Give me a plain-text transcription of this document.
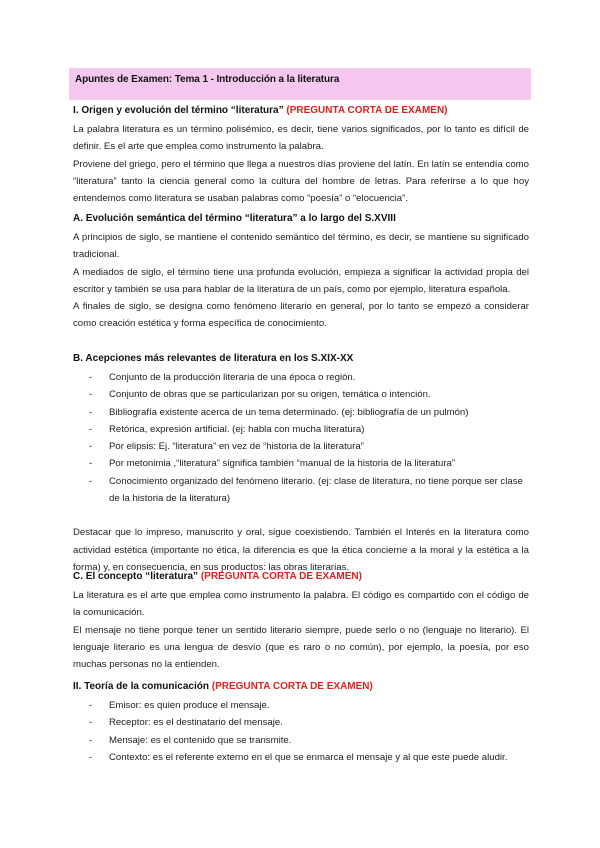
Apuntes de Examen: Tema 1 - Introducción a la literatura

I. Origen y evolución del término “literatura” (PREGUNTA CORTA DE EXAMEN)

La palabra literatura es un término polisémico, es decir, tiene varios significados, por lo tanto es difícil de definir. Es el arte que emplea como instrumento la palabra.

Proviene del griego, pero el término que llega a nuestros días proviene del latín. En latín se entendía como “literatura” tanto la ciencia general como la cultura del hombre de letras. Para referirse a lo que hoy entendemos como literatura se usaban palabras como “poesía” o “elocuencia”.

A. Evolución semántica del término “literatura” a lo largo del S.XVIII

A principios de siglo, se mantiene el contenido semántico del término, es decir, se mantiene su significado tradicional.

A mediados de siglo, el término tiene una profunda evolución, empieza a significar la actividad propia del escritor y también se usa para hablar de la literatura de un país, como por ejemplo, literatura española.

A finales de siglo, se designa como fenómeno literario en general, por lo tanto se empezó a considerar como creación estética y forma específica de conocimiento.

B. Acepciones más relevantes de literatura en los S.XIX-XX

- Conjunto de la producción literaria de una época o región.
- Conjunto de obras que se particularizan por su origen, temática o intención.
- Bibliografía existente acerca de un tema determinado. (ej: bibliografía de un pulmón)
- Retórica, expresión artificial. (ej: habla con mucha literatura)
- Por elipsis: Ej. “literatura” en vez de “historia de la literatura”
- Por metonimia ,“literatura” significa también “manual de la historia de la literatura”
- Conocimiento organizado del fenómeno literario. (ej: clase de literatura, no tiene porque ser clase de la historia de la literatura)

Destacar que lo impreso, manuscrito y oral, sigue coexistiendo. También el Interés en la literatura como actividad estética (importante no ética, la diferencia es que la ética concierne a la moral y la estética a la forma) y, en consecuencia, en sus productos: las obras literarias.

C. El concepto “literatura” (PREGUNTA CORTA DE EXAMEN)

La literatura es el arte que emplea como instrumento la palabra. El código es compartido con el código de la comunicación.

El mensaje no tiene porque tener un sentido literario siempre, puede serlo o no (lenguaje no literario). El lenguaje literario es una lengua de desvío (que es raro o no común), por ejemplo, la poesía, por eso muchas personas no la entienden.

II. Teoría de la comunicación (PREGUNTA CORTA DE EXAMEN)

- Emisor: es quien produce el mensaje.
- Receptor: es el destinatario del mensaje.
- Mensaje: es el contenido que se transmite.
- Contexto: es el referente externo en el que se enmarca el mensaje y al que este puede aludir.
